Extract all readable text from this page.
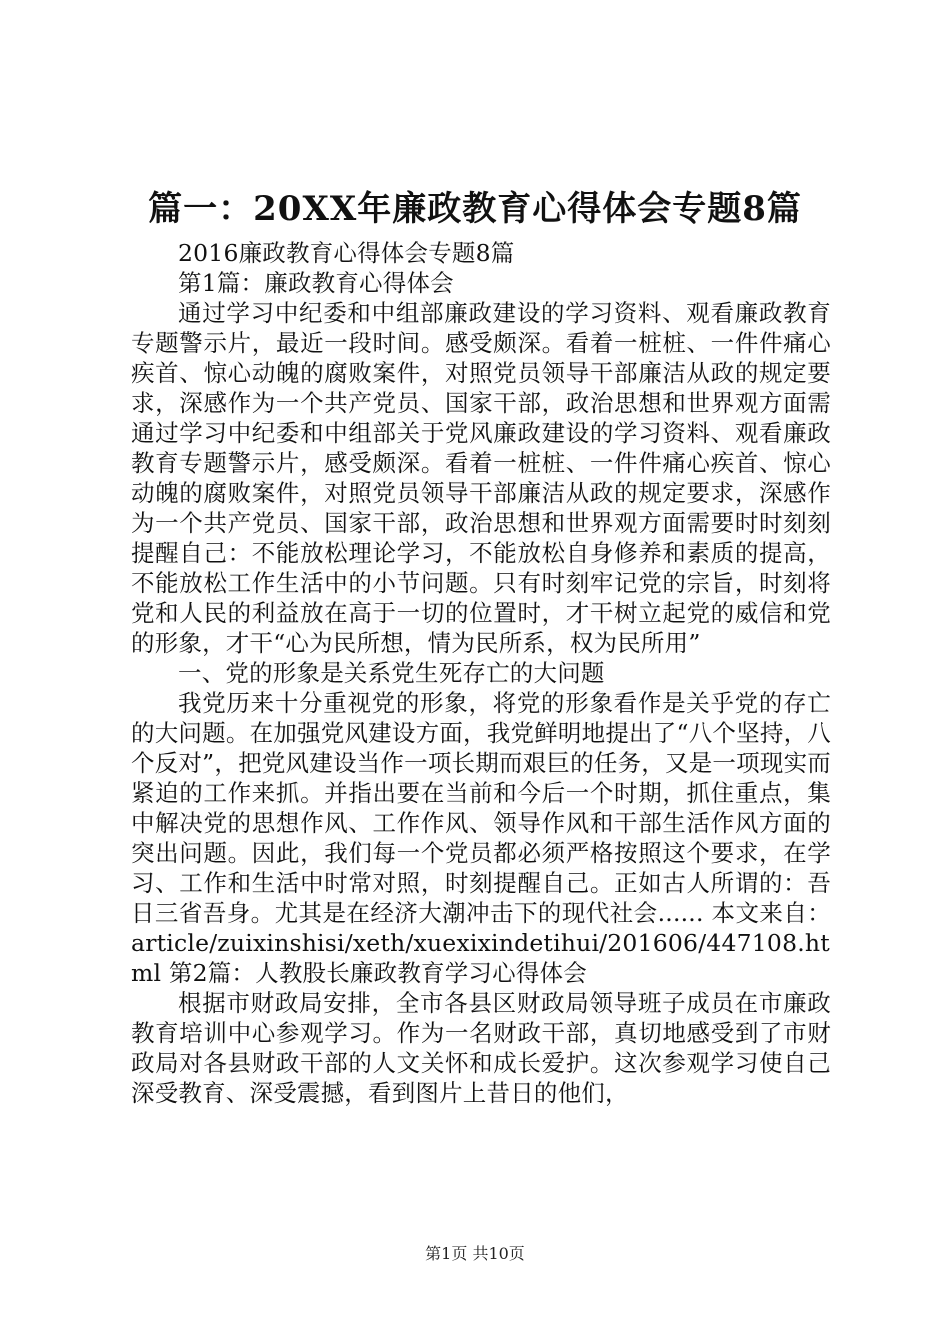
篇一：20XX年廉政教育心得体会专题8篇

2016廉政教育心得体会专题8篇

第1篇：廉政教育心得体会

通过学习中纪委和中组部廉政建设的学习资料、观看廉政教育专题警示片，最近一段时间。感受颇深。看着一桩桩、一件件痛心疾首、惊心动魄的腐败案件，对照党员领导干部廉洁从政的规定要求，深感作为一个共产党员、国家干部，政治思想和世界观方面需通过学习中纪委和中组部关于党风廉政建设的学习资料、观看廉政教育专题警示片，感受颇深。看着一桩桩、一件件痛心疾首、惊心动魄的腐败案件，对照党员领导干部廉洁从政的规定要求，深感作为一个共产党员、国家干部，政治思想和世界观方面需要时时刻刻提醒自己：不能放松理论学习，不能放松自身修养和素质的提高，不能放松工作生活中的小节问题。只有时刻牢记党的宗旨，时刻将党和人民的利益放在高于一切的位置时，才干树立起党的威信和党的形象，才干“心为民所想，情为民所系，权为民所用”

一、党的形象是关系党生死存亡的大问题

我党历来十分重视党的形象，将党的形象看作是关乎党的存亡的大问题。在加强党风建设方面，我党鲜明地提出了“八个坚持，八个反对”，把党风建设当作一项长期而艰巨的任务，又是一项现实而紧迫的工作来抓。并指出要在当前和今后一个时期，抓住重点，集中解决党的思想作风、工作作风、领导作风和干部生活作风方面的突出问题。因此，我们每一个党员都必须严格按照这个要求，在学习、工作和生活中时常对照，时刻提醒自己。正如古人所谓的：吾日三省吾身。尤其是在经济大潮冲击下的现代社会...... 本文来自：article/zuixinshisi/xeth/xuexixindetihui/201606/447108.html 第2篇：人教股长廉政教育学习心得体会

根据市财政局安排，全市各县区财政局领导班子成员在市廉政教育培训中心参观学习。作为一名财政干部，真切地感受到了市财政局对各县财政干部的人文关怀和成长爱护。这次参观学习使自己深受教育、深受震撼，看到图片上昔日的他们，

第1页 共10页
